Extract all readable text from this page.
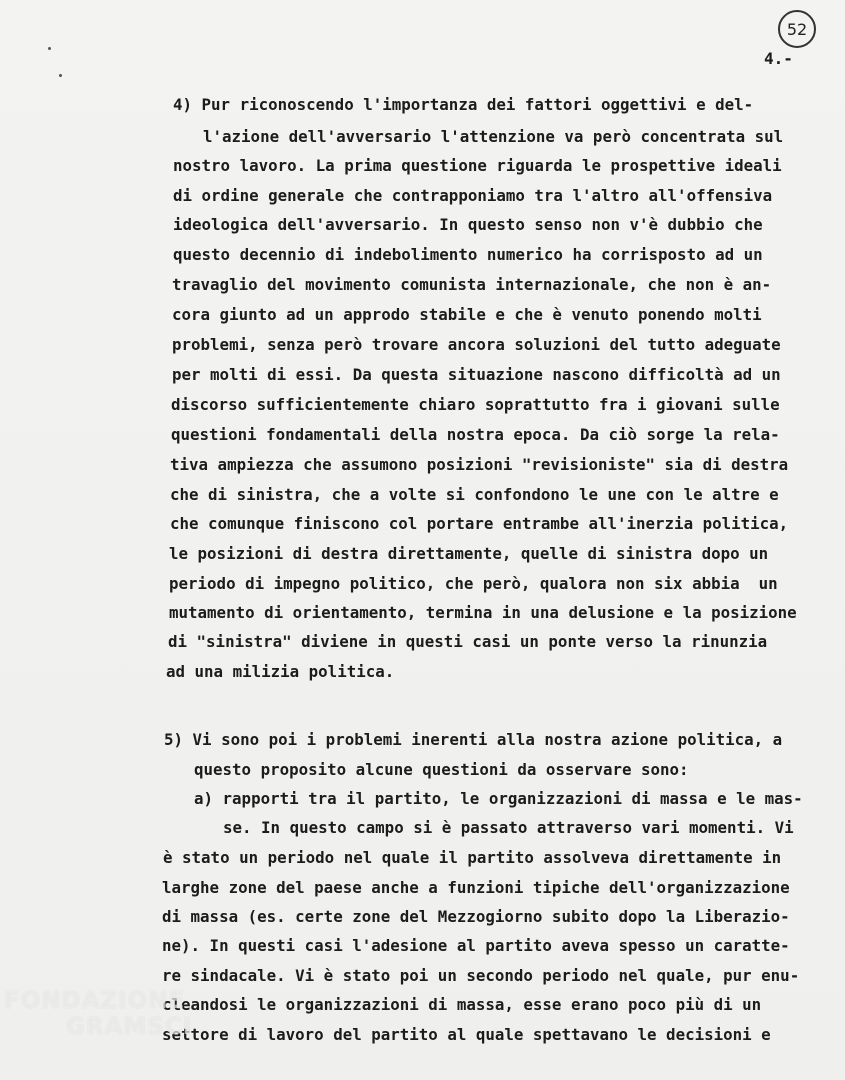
52
4.-
4) Pur riconoscendo l'importanza dei fattori oggettivi e del-
l'azione dell'avversario l'attenzione va però concentrata sul
nostro lavoro. La prima questione riguarda le prospettive ideali
di ordine generale che contrapponiamo tra l'altro all'offensiva
ideologica dell'avversario. In questo senso non v'è dubbio che
questo decennio di indebolimento numerico ha corrisposto ad un
travaglio del movimento comunista internazionale, che non è an-
cora giunto ad un approdo stabile e che è venuto ponendo molti
problemi, senza però trovare ancora soluzioni del tutto adeguate
per molti di essi. Da questa situazione nascono difficoltà ad un
discorso sufficientemente chiaro soprattutto fra i giovani sulle
questioni fondamentali della nostra epoca. Da ciò sorge la rela-
tiva ampiezza che assumono posizioni "revisioniste" sia di destra
che di sinistra, che a volte si confondono le une con le altre e
che comunque finiscono col portare entrambe all'inerzia politica,
le posizioni di destra direttamente, quelle di sinistra dopo un
periodo di impegno politico, che però, qualora non six abbia  un
mutamento di orientamento, termina in una delusione e la posizione
di "sinistra" diviene in questi casi un ponte verso la rinunzia
ad una milizia politica.
5) Vi sono poi i problemi inerenti alla nostra azione politica, a
questo proposito alcune questioni da osservare sono:
a) rapporti tra il partito, le organizzazioni di massa e le mas-
se. In questo campo si è passato attraverso vari momenti. Vi
è stato un periodo nel quale il partito assolveva direttamente in
larghe zone del paese anche a funzioni tipiche dell'organizzazione
di massa (es. certe zone del Mezzogiorno subito dopo la Liberazio-
ne). In questi casi l'adesione al partito aveva spesso un caratte-
re sindacale. Vi è stato poi un secondo periodo nel quale, pur enu-
cleandosi le organizzazioni di massa, esse erano poco più di un
settore di lavoro del partito al quale spettavano le decisioni e
FONDAZIONE
GRAMSCI
